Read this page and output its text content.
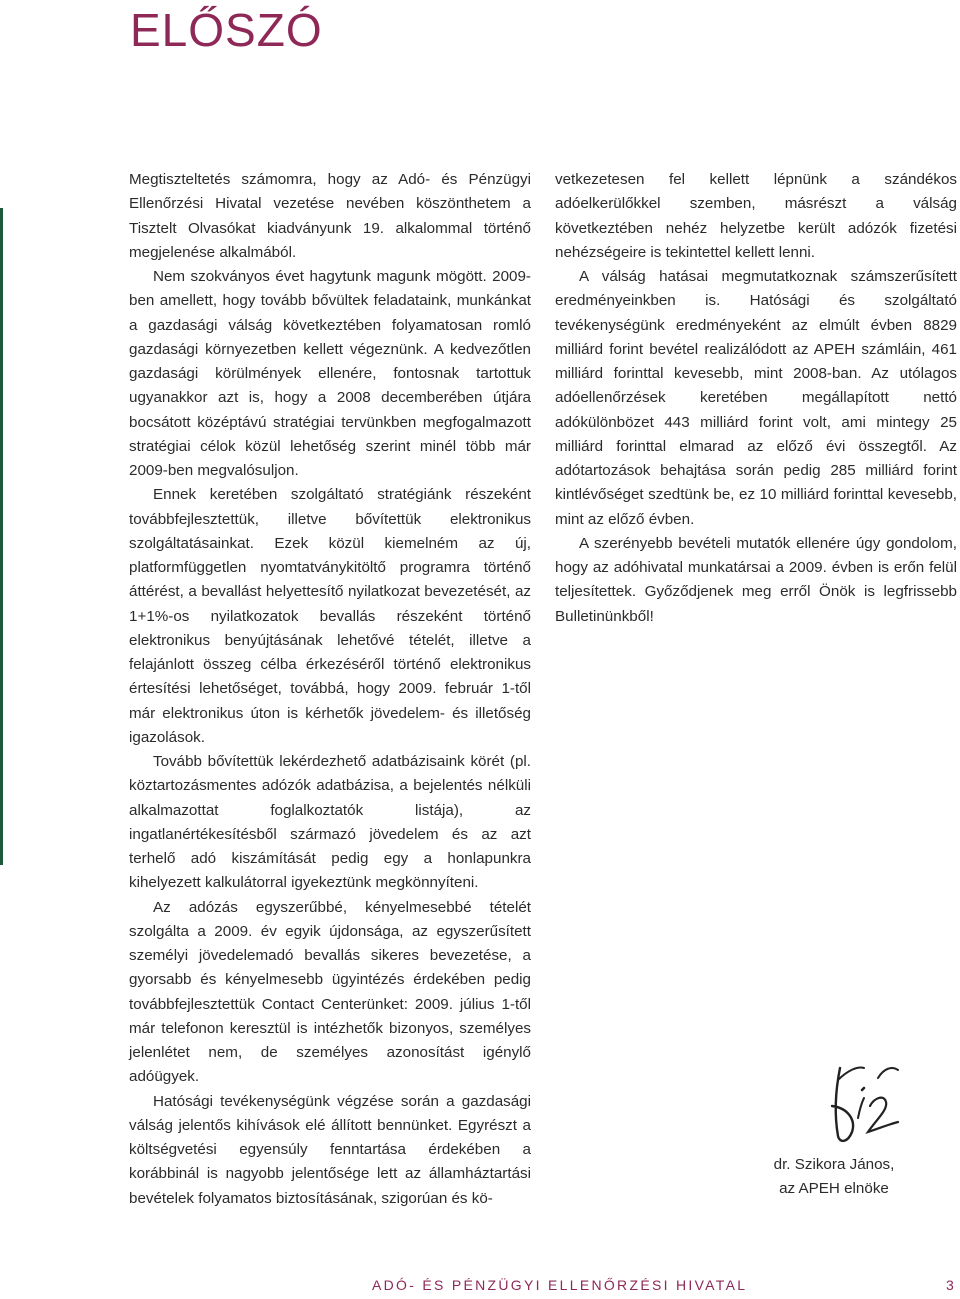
ELŐSZÓ

Megtiszteltetés számomra, hogy az Adó- és Pénzügyi Ellenőrzési Hivatal vezetése nevében köszönthetem a Tisztelt Olvasókat kiadványunk 19. alkalommal történő megjelenése alkalmából.

Nem szokványos évet hagytunk magunk mögött. 2009-ben amellett, hogy tovább bővültek feladataink, munkánkat a gazdasági válság következtében folyamatosan romló gazdasági környezetben kellett végeznünk. A kedvezőtlen gazdasági körülmények ellenére, fontosnak tartottuk ugyanakkor azt is, hogy a 2008 decemberében útjára bocsátott középtávú stratégiai tervünkben megfogalmazott stratégiai célok közül lehetőség szerint minél több már 2009-ben megvalósuljon.

Ennek keretében szolgáltató stratégiánk részeként továbbfejlesztettük, illetve bővítettük elektronikus szolgáltatásainkat. Ezek közül kiemelném az új, platformfüggetlen nyomtatványkitöltő programra történő áttérést, a bevallást helyettesítő nyilatkozat bevezetését, az 1+1%-os nyilatkozatok bevallás részeként történő elektronikus benyújtásának lehetővé tételét, illetve a felajánlott összeg célba érkezéséről történő elektronikus értesítési lehetőséget, továbbá, hogy 2009. február 1-től már elektronikus úton is kérhetők jövedelem- és illetőség igazolások.

Tovább bővítettük lekérdezhető adatbázisaink körét (pl. köztartozásmentes adózók adatbázisa, a bejelentés nélküli alkalmazottat foglalkoztatók listája), az ingatlanértékesítésből származó jövedelem és az azt terhelő adó kiszámítását pedig egy a honlapunkra kihelyezett kalkulátorral igyekeztünk megkönnyíteni.

Az adózás egyszerűbbé, kényelmesebbé tételét szolgálta a 2009. év egyik újdonsága, az egyszerűsített személyi jövedelemadó bevallás sikeres bevezetése, a gyorsabb és kényelmesebb ügyintézés érdekében pedig továbbfejlesztettük Contact Centerünket: 2009. július 1-től már telefonon keresztül is intézhetők bizonyos, személyes jelenlétet nem, de személyes azonosítást igénylő adóügyek.

Hatósági tevékenységünk végzése során a gazdasági válság jelentős kihívások elé állított bennünket. Egyrészt a költségvetési egyensúly fenntartása érdekében a korábbinál is nagyobb jelentősége lett az államháztartási bevételek folyamatos biztosításának, szigorúan és kö-

vetkezetesen fel kellett lépnünk a szándékos adóelkerülőkkel szemben, másrészt a válság következtében nehéz helyzetbe került adózók fizetési nehézségeire is tekintettel kellett lenni.

A válság hatásai megmutatkoznak számszerűsített eredményeinkben is. Hatósági és szolgáltató tevékenységünk eredményeként az elmúlt évben 8829 milliárd forint bevétel realizálódott az APEH számláin, 461 milliárd forinttal kevesebb, mint 2008-ban. Az utólagos adóellenőrzések keretében megállapított nettó adókülönbözet 443 milliárd forint volt, ami mintegy 25 milliárd forinttal elmarad az előző évi összegtől. Az adótartozások behajtása során pedig 285 milliárd forint kintlévőséget szedtünk be, ez 10 milliárd forinttal kevesebb, mint az előző évben.

A szerényebb bevételi mutatók ellenére úgy gondolom, hogy az adóhivatal munkatársai a 2009. évben is erőn felül teljesítettek. Győződjenek meg erről Önök is legfrissebb Bulletinünkből!

dr. Szikora János,
az APEH elnöke
ADÓ- ÉS PÉNZÜGYI ELLENŐRZÉSI HIVATAL	3
